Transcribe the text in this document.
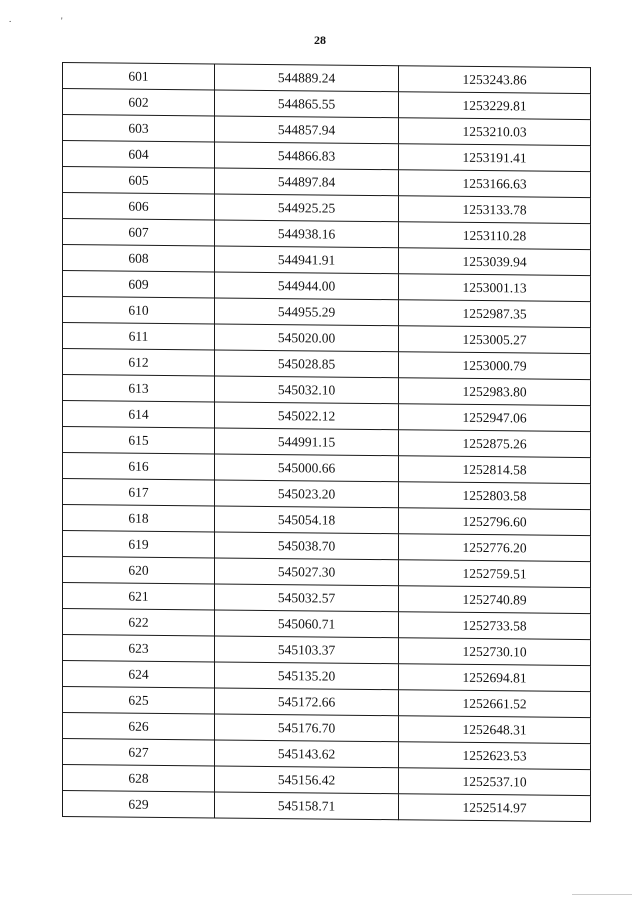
.	'
28
601	544889.24	1253243.86
602	544865.55	1253229.81
603	544857.94	1253210.03
604	544866.83	1253191.41
605	544897.84	1253166.63
606	544925.25	1253133.78
607	544938.16	1253110.28
608	544941.91	1253039.94
609	544944.00	1253001.13
610	544955.29	1252987.35
611	545020.00	1253005.27
612	545028.85	1253000.79
613	545032.10	1252983.80
614	545022.12	1252947.06
615	544991.15	1252875.26
616	545000.66	1252814.58
617	545023.20	1252803.58
618	545054.18	1252796.60
619	545038.70	1252776.20
620	545027.30	1252759.51
621	545032.57	1252740.89
622	545060.71	1252733.58
623	545103.37	1252730.10
624	545135.20	1252694.81
625	545172.66	1252661.52
626	545176.70	1252648.31
627	545143.62	1252623.53
628	545156.42	1252537.10
629	545158.71	1252514.97
